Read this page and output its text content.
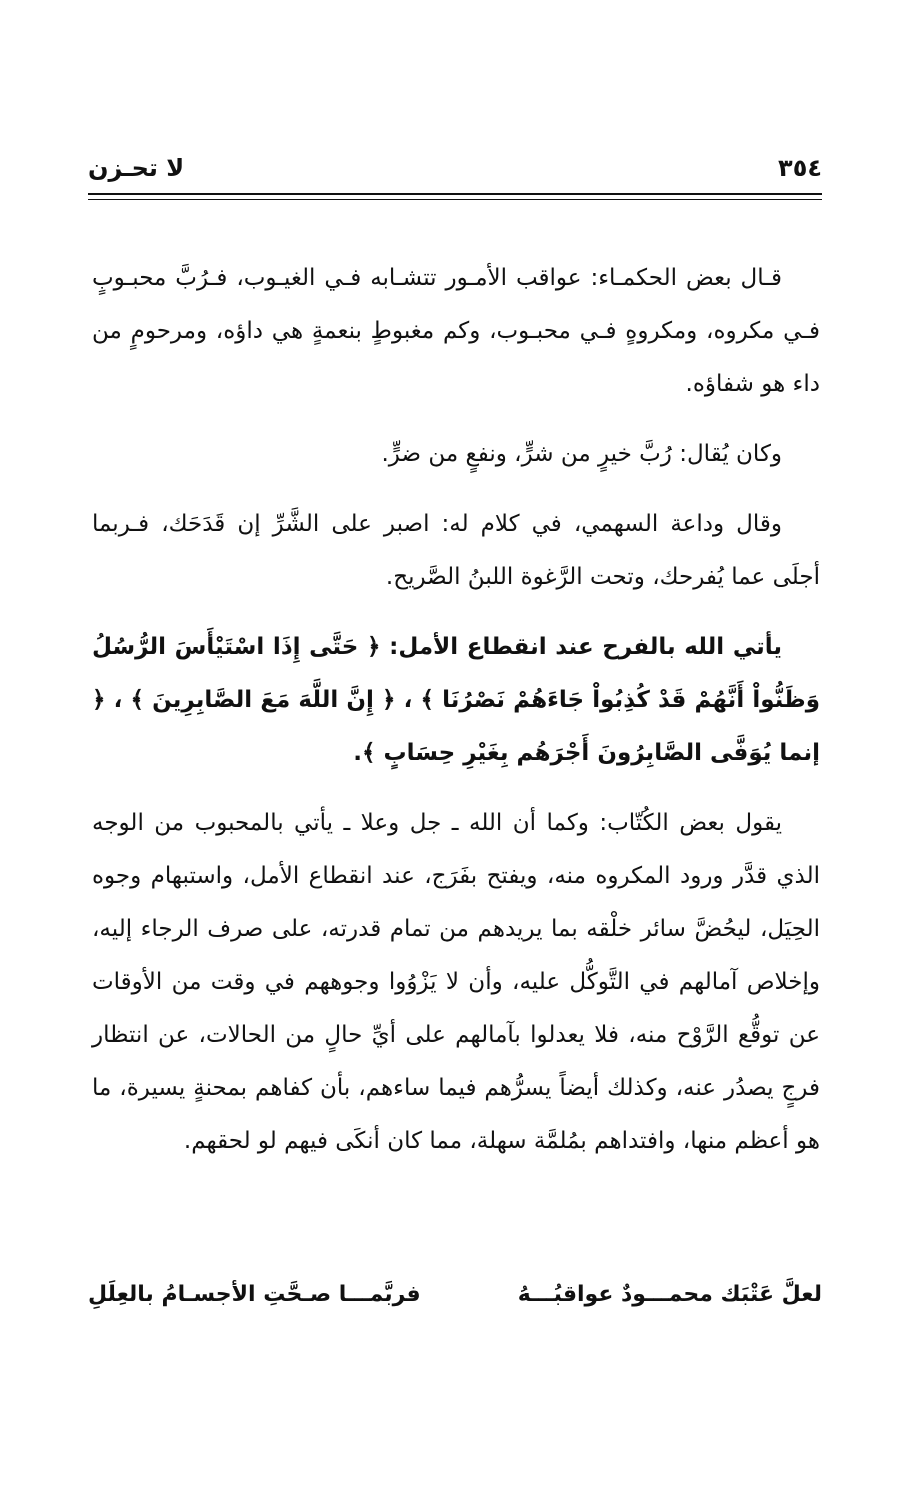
٣٥٤
لا تحـزن

قـال بعض الحكمـاء: عواقب الأمـور تتشـابه فـي الغيـوب، فـرُبَّ محبـوبٍ فـي مكروه، ومكروهٍ فـي محبـوب، وكم مغبوطٍ بنعمةٍ هي داؤه، ومرحومٍ من داء هو شفاؤه.

وكان يُقال: رُبَّ خيرٍ من شرٍّ، ونفعٍ من ضرٍّ.

وقال وداعة السهمي، في كلام له: اصبر على الشَّرِّ إن قَدَحَك، فـربما أجلَى عما يُفرحك، وتحت الرَّغوة اللبنُ الصَّريح.

يأتي الله بالفرح عند انقطاع الأمل: ﴿ حَتَّى إِذَا اسْتَيْأَسَ الرُّسُلُ وَظَنُّواْ أَنَّهُمْ قَدْ كُذِبُواْ جَاءَهُمْ نَصْرُنَا ﴾ ، ﴿ إِنَّ اللَّهَ مَعَ الصَّابِرِينَ ﴾ ، ﴿ إنما يُوَفَّى الصَّابِرُونَ أَجْرَهُم بِغَيْرِ حِسَابٍ ﴾.

يقول بعض الكُتّاب: وكما أن الله ـ جل وعلا ـ يأتي بالمحبوب من الوجه الذي قدَّر ورود المكروه منه، ويفتح بفَرَج، عند انقطاع الأمل، واستبهام وجوه الحِيَل، ليحُضَّ سائر خلْقه بما يريدهم من تمام قدرته، على صرف الرجاء إليه، وإخلاص آمالهم في التَّوكُّل عليه، وأن لا يَزْوُوا وجوههم في وقت من الأوقات عن توقُّع الرَّوْح منه، فلا يعدلوا بآمالهم على أيِّ حالٍ من الحالات، عن انتظار فرجٍ يصدُر عنه، وكذلك أيضاً يسرُّهم فيما ساءهم، بأن كفاهم بمحنةٍ يسيرة، ما هو أعظم منها، وافتداهم بمُلمَّة سهلة، مما كان أنكَى فيهم لو لحقهم.

لعلَّ عَتْبَك محمـــودٌ عواقبُـــهُ
فربَّمـــا صـحَّتِ الأجسـامُ بالعِلَلِ
